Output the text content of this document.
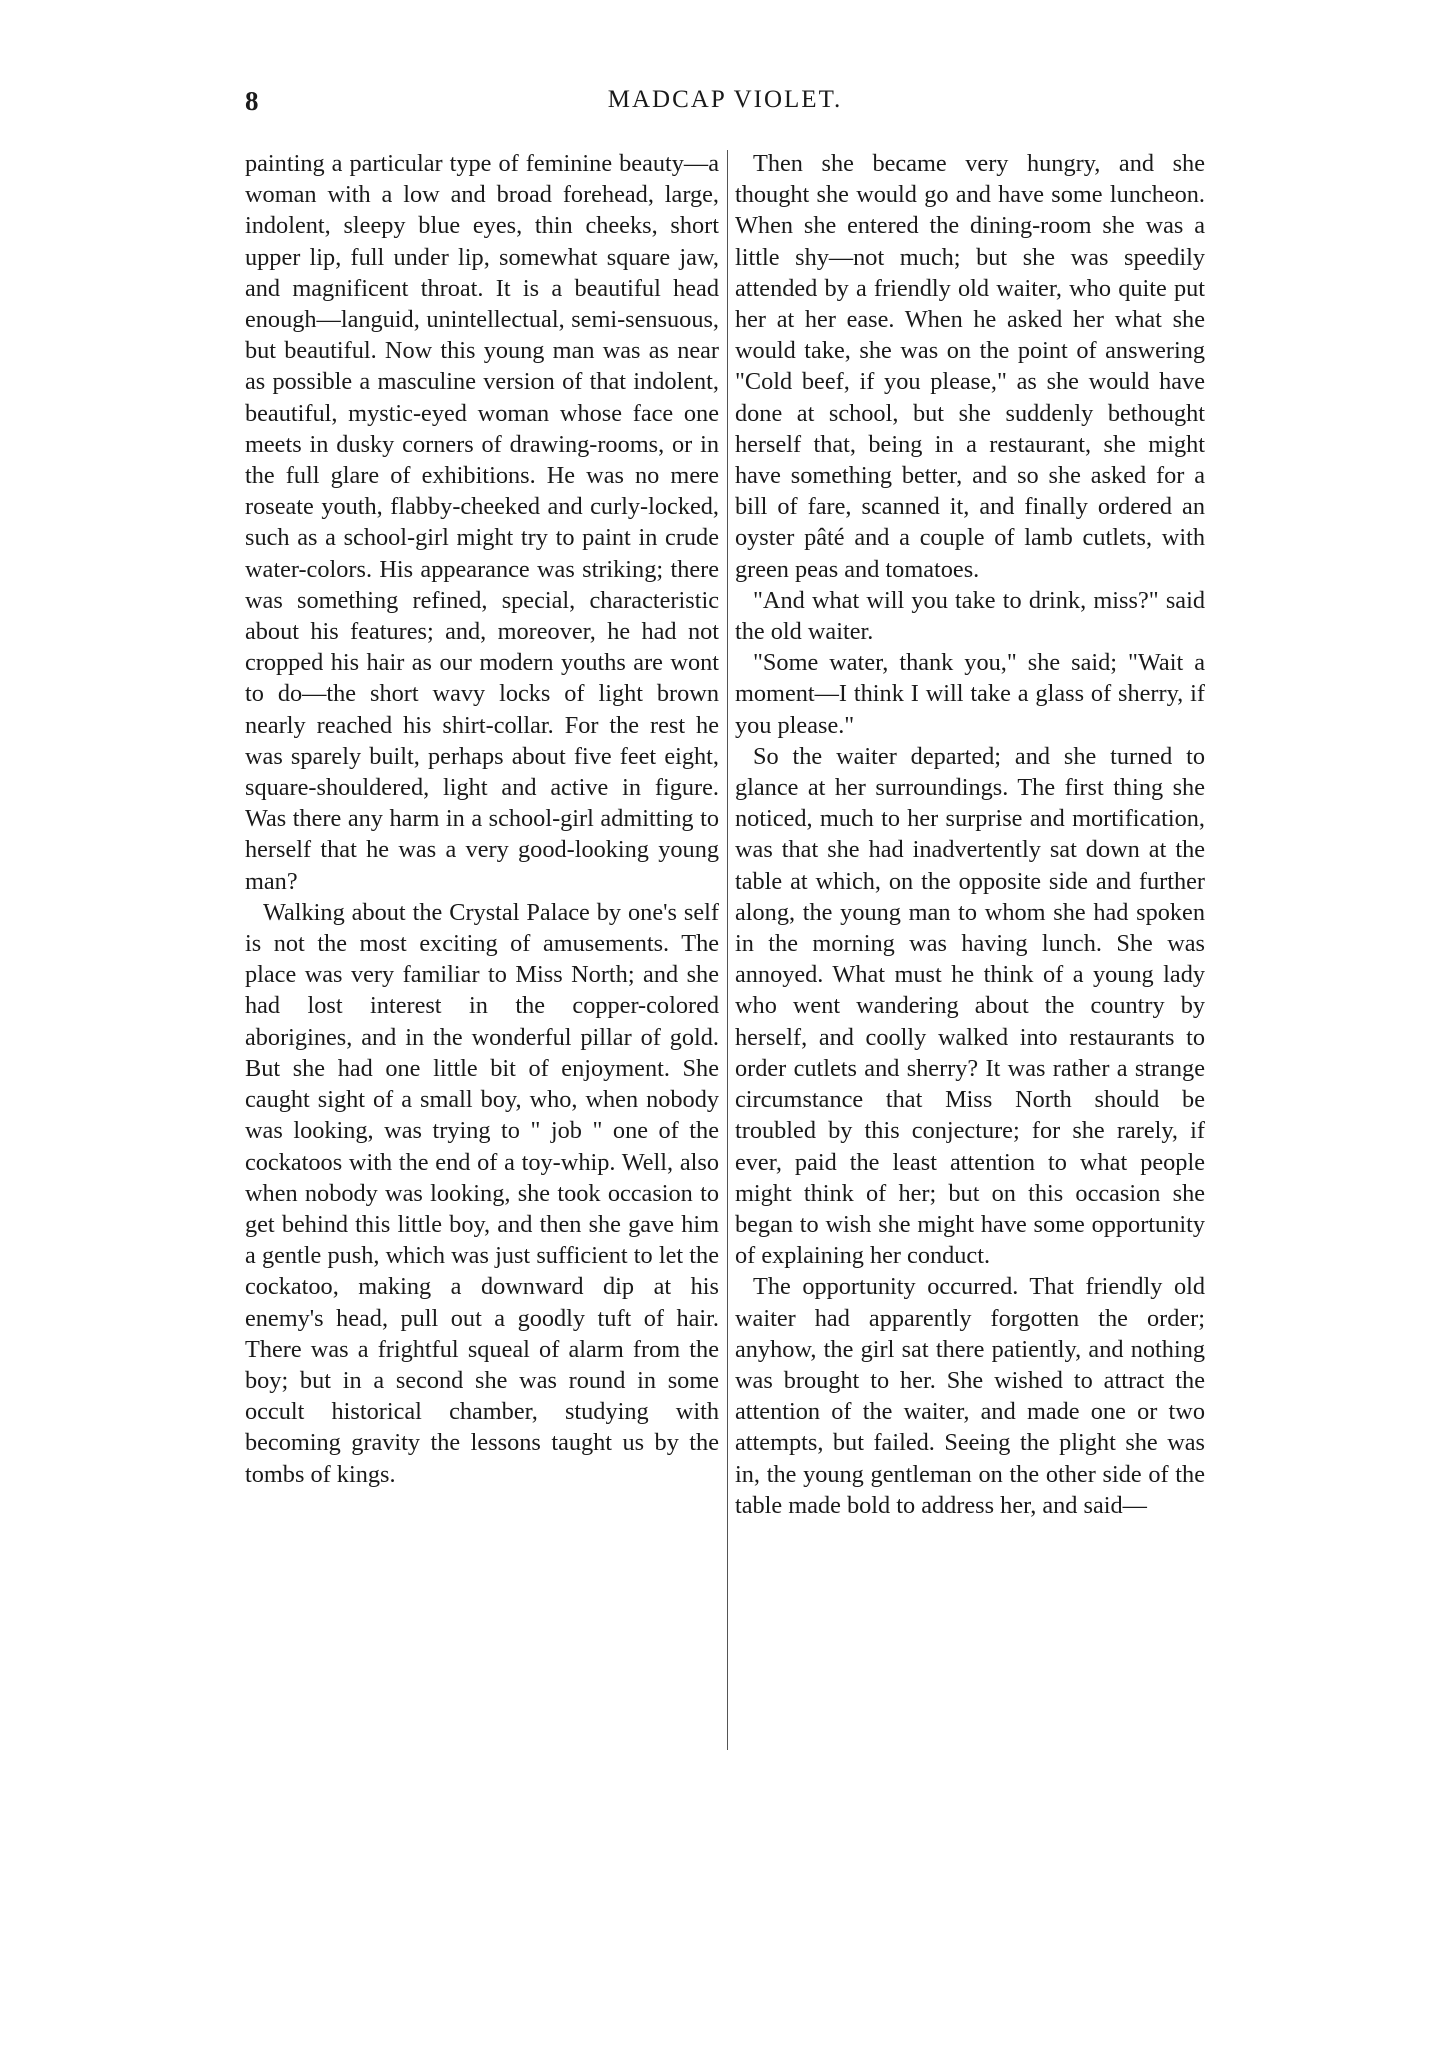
8	MADCAP VIOLET.

painting a particular type of feminine beauty—a woman with a low and broad forehead, large, indolent, sleepy blue eyes, thin cheeks, short upper lip, full under lip, somewhat square jaw, and magnificent throat. It is a beautiful head enough—languid, unintellectual, semi-sensuous, but beautiful. Now this young man was as near as possible a masculine version of that indolent, beautiful, mystic-eyed woman whose face one meets in dusky corners of drawing-rooms, or in the full glare of exhibitions. He was no mere roseate youth, flabby-cheeked and curly-locked, such as a school-girl might try to paint in crude water-colors. His appearance was striking; there was something refined, special, characteristic about his features; and, moreover, he had not cropped his hair as our modern youths are wont to do—the short wavy locks of light brown nearly reached his shirt-collar. For the rest he was sparely built, perhaps about five feet eight, square-shouldered, light and active in figure. Was there any harm in a school-girl admitting to herself that he was a very good-looking young man?

Walking about the Crystal Palace by one's self is not the most exciting of amusements. The place was very familiar to Miss North; and she had lost interest in the copper-colored aborigines, and in the wonderful pillar of gold. But she had one little bit of enjoyment. She caught sight of a small boy, who, when nobody was looking, was trying to " job " one of the cockatoos with the end of a toy-whip. Well, also when nobody was looking, she took occasion to get behind this little boy, and then she gave him a gentle push, which was just sufficient to let the cockatoo, making a downward dip at his enemy's head, pull out a goodly tuft of hair. There was a frightful squeal of alarm from the boy; but in a second she was round in some occult historical chamber, studying with becoming gravity the lessons taught us by the tombs of kings.

Then she became very hungry, and she thought she would go and have some luncheon. When she entered the dining-room she was a little shy—not much; but she was speedily attended by a friendly old waiter, who quite put her at her ease. When he asked her what she would take, she was on the point of answering "Cold beef, if you please," as she would have done at school, but she suddenly bethought herself that, being in a restaurant, she might have something better, and so she asked for a bill of fare, scanned it, and finally ordered an oyster pâté and a couple of lamb cutlets, with green peas and tomatoes.

"And what will you take to drink, miss?" said the old waiter.

"Some water, thank you," she said; "Wait a moment—I think I will take a glass of sherry, if you please."

So the waiter departed; and she turned to glance at her surroundings. The first thing she noticed, much to her surprise and mortification, was that she had inadvertently sat down at the table at which, on the opposite side and further along, the young man to whom she had spoken in the morning was having lunch. She was annoyed. What must he think of a young lady who went wandering about the country by herself, and coolly walked into restaurants to order cutlets and sherry? It was rather a strange circumstance that Miss North should be troubled by this conjecture; for she rarely, if ever, paid the least attention to what people might think of her; but on this occasion she began to wish she might have some opportunity of explaining her conduct.

The opportunity occurred. That friendly old waiter had apparently forgotten the order; anyhow, the girl sat there patiently, and nothing was brought to her. She wished to attract the attention of the waiter, and made one or two attempts, but failed. Seeing the plight she was in, the young gentleman on the other side of the table made bold to address her, and said—
